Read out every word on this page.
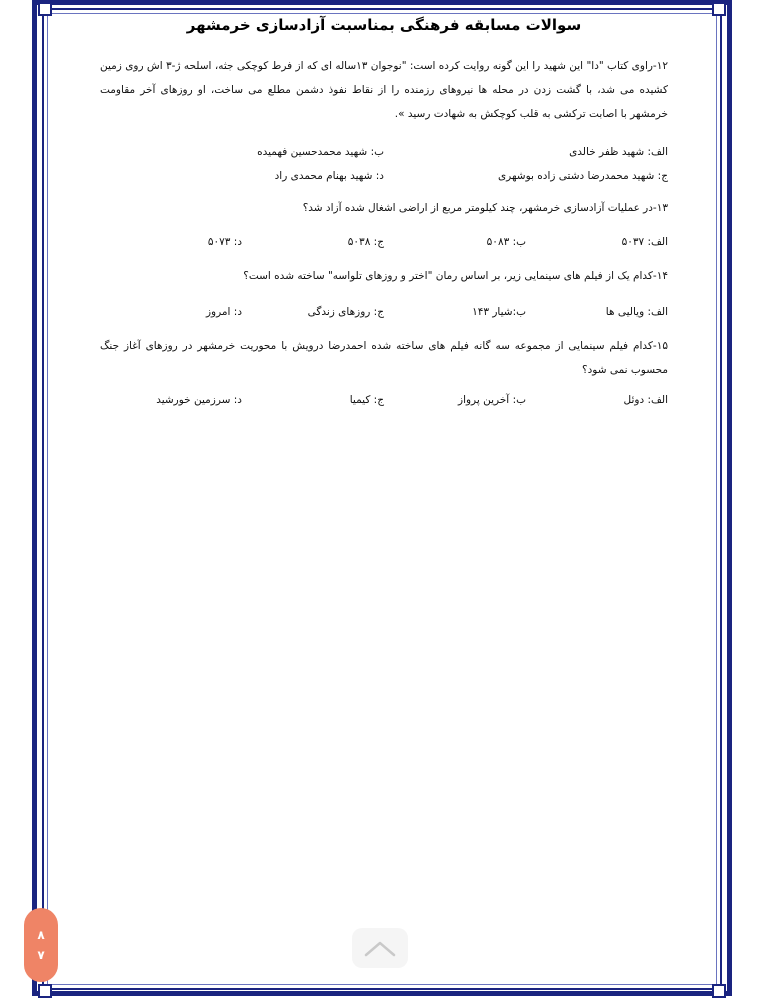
سوالات مسابقه فرهنگی بمناسبت آزادسازی خرمشهر

۱۲-راوی کتاب "دا" این شهید را این گونه روایت کرده است: "نوجوان ۱۳ساله ای که از فرط کوچکی جثه، اسلحه ژ-۳ اش روی زمین کشیده می شد، با گشت زدن در محله ها نیروهای رزمنده را از نقاط نفوذ دشمن مطلع می ساخت، او روزهای آخر مقاومت خرمشهر با اصابت ترکشی به قلب کوچکش به شهادت رسید ».

الف: شهید ظفر خالدی
ب: شهید محمدحسین فهمیده
ج: شهید محمدرضا دشتی زاده بوشهری
د: شهید بهنام محمدی راد

۱۳-در عملیات آزادسازی خرمشهر، چند کیلومتر مربع از اراضی اشغال شده آزاد شد؟

الف: ۵۰۳۷
ب: ۵۰۸۳
ج: ۵۰۳۸
د: ۵۰۷۳

۱۴-کدام یک از فیلم های سینمایی زیر، بر اساس رمان "اختر و روزهای تلواسه" ساخته شده است؟

الف: ویالیی ها
ب:شیار ۱۴۳
ج: روزهای زندگی
د: امروز

۱۵-کدام فیلم سینمایی از مجموعه سه گانه فیلم های ساخته شده احمدرضا درویش با محوریت خرمشهر در روزهای آغاز جنگ محسوب نمی شود؟

الف: دوئل
ب: آخرین پرواز
ج: کیمیا
د: سرزمین خورشید
۸
۷
